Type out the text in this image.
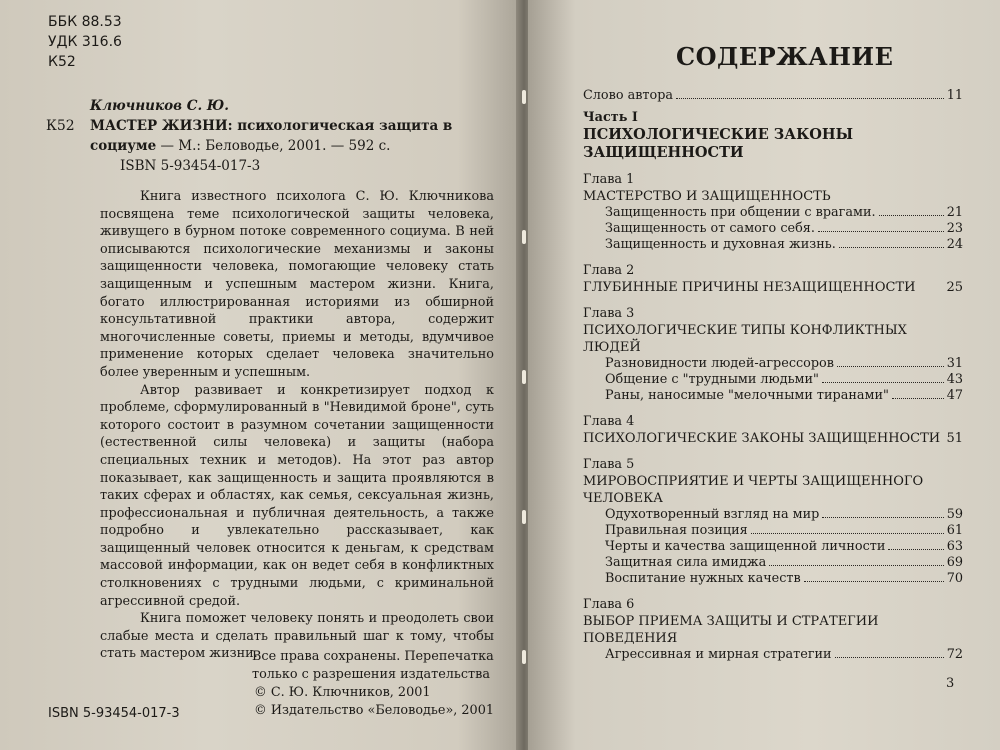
ББК 88.53
УДК 316.6
К52
Ключников С. Ю.
К52 МАСТЕР ЖИЗНИ: психологическая защита в
социуме — М.: Беловодье, 2001. — 592 с.
ISBN 5-93454-017-3

Книга известного психолога С. Ю. Ключникова посвящена теме психологической защиты человека, живущего в бурном потоке современного социума. В ней описываются психологические механизмы и законы защищенности человека, помогающие человеку стать защищенным и успешным мастером жизни. Книга, богато иллюстрированная историями из обширной консультативной практики автора, содержит многочисленные советы, приемы и методы, вдумчивое применение которых сделает человека значительно более уверенным и успешным.

Автор развивает и конкретизирует подход к проблеме, сформулированный в "Невидимой броне", суть которого состоит в разумном сочетании защищенности (естественной силы человека) и защиты (набора специальных техник и методов). На этот раз автор показывает, как защищенность и защита проявляются в таких сферах и областях, как семья, сексуальная жизнь, профессиональная и публичная деятельность, а также подробно и увлекательно рассказывает, как защищенный человек относится к деньгам, к средствам массовой информации, как он ведет себя в конфликтных столкновениях с трудными людьми, с криминальной агрессивной средой.

Книга поможет человеку понять и преодолеть свои слабые места и сделать правильный шаг к тому, чтобы стать мастером жизни.

Все права сохранены. Перепечатка
только с разрешения издательства
© С. Ю. Ключников, 2001
© Издательство «Беловодье», 2001
ISBN 5-93454-017-3
СОДЕРЖАНИЕ
Слово автора	11
Часть I
ПСИХОЛОГИЧЕСКИЕ ЗАКОНЫ
ЗАЩИЩЕННОСТИ
Глава 1
МАСТЕРСТВО И ЗАЩИЩЕННОСТЬ
Защищенность при общении с врагами.	21
Защищенность от самого себя.	23
Защищенность и духовная жизнь.	24
Глава 2
ГЛУБИННЫЕ ПРИЧИНЫ НЕЗАЩИЩЕННОСТИ	25
Глава 3
ПСИХОЛОГИЧЕСКИЕ ТИПЫ КОНФЛИКТНЫХ ЛЮДЕЙ
Разновидности людей-агрессоров	31
Общение с "трудными людьми"	43
Раны, наносимые "мелочными тиранами"	47
Глава 4
ПСИХОЛОГИЧЕСКИЕ ЗАКОНЫ ЗАЩИЩЕННОСТИ 51
Глава 5
МИРОВОСПРИЯТИЕ И ЧЕРТЫ ЗАЩИЩЕННОГО ЧЕЛОВЕКА
Одухотворенный взгляд на мир	59
Правильная позиция	61
Черты и качества защищенной личности	63
Защитная сила имиджа	69
Воспитание нужных качеств	70
Глава 6
ВЫБОР ПРИЕМА ЗАЩИТЫ И СТРАТЕГИИ ПОВЕДЕНИЯ
Агрессивная и мирная стратегии	72
3
